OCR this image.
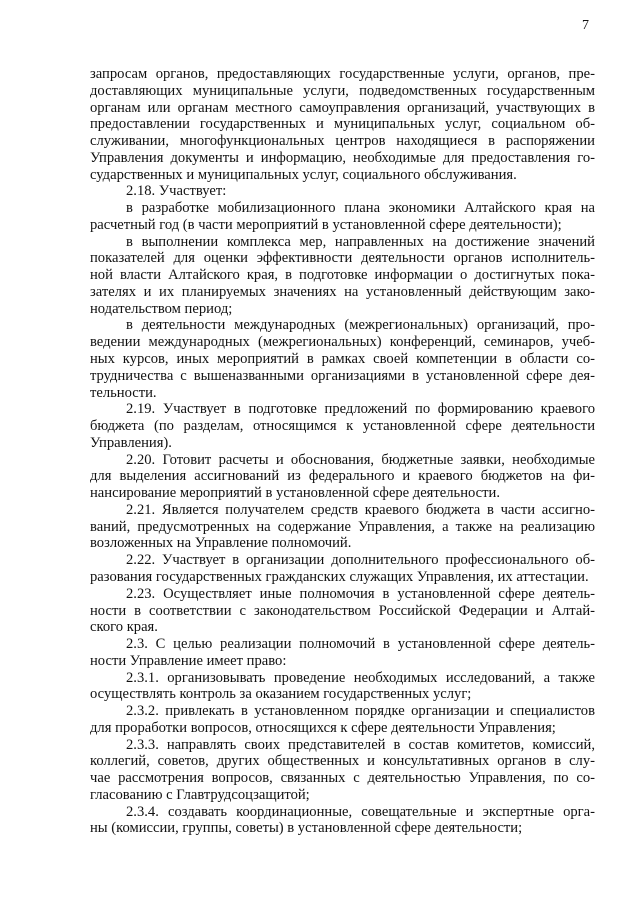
7
запросам органов, предоставляющих государственные услуги, органов, пре-
доставляющих муниципальные услуги, подведомственных государственным
органам или органам местного самоуправления организаций, участвующих в
предоставлении государственных и муниципальных услуг, социальном об-
служивании, многофункциональных центров находящиеся в распоряжении
Управления документы и информацию, необходимые для предоставления го-
сударственных и муниципальных услуг, социального обслуживания.
2.18. Участвует:
в разработке мобилизационного плана экономики Алтайского края на
расчетный год (в части мероприятий в установленной сфере деятельности);
в выполнении комплекса мер, направленных на достижение значений
показателей для оценки эффективности деятельности органов исполнитель-
ной власти Алтайского края, в подготовке информации о достигнутых пока-
зателях и их планируемых значениях на установленный действующим зако-
нодательством период;
в деятельности международных (межрегиональных) организаций, про-
ведении международных (межрегиональных) конференций, семинаров, учеб-
ных курсов, иных мероприятий в рамках своей компетенции в области со-
трудничества с вышеназванными организациями в установленной сфере дея-
тельности.
2.19. Участвует в подготовке предложений по формированию краевого
бюджета (по разделам, относящимся к установленной сфере деятельности
Управления).
2.20. Готовит расчеты и обоснования, бюджетные заявки, необходимые
для выделения ассигнований из федерального и краевого бюджетов на фи-
нансирование мероприятий в установленной сфере деятельности.
2.21. Является получателем средств краевого бюджета в части ассигно-
ваний, предусмотренных на содержание Управления, а также на реализацию
возложенных на Управление полномочий.
2.22. Участвует в организации дополнительного профессионального об-
разования государственных гражданских служащих Управления, их аттестации.
2.23. Осуществляет иные полномочия в установленной сфере деятель-
ности в соответствии с законодательством Российской Федерации и Алтай-
ского края.
2.3. С целью реализации полномочий в установленной сфере деятель-
ности Управление имеет право:
2.3.1. организовывать проведение необходимых исследований, а также
осуществлять контроль за оказанием государственных услуг;
2.3.2. привлекать в установленном порядке организации и специалистов
для проработки вопросов, относящихся к сфере деятельности Управления;
2.3.3. направлять своих представителей в состав комитетов, комиссий,
коллегий, советов, других общественных и консультативных органов в слу-
чае рассмотрения вопросов, связанных с деятельностью Управления, по со-
гласованию с Главтрудсоцзащитой;
2.3.4. создавать координационные, совещательные и экспертные орга-
ны (комиссии, группы, советы) в установленной сфере деятельности;
